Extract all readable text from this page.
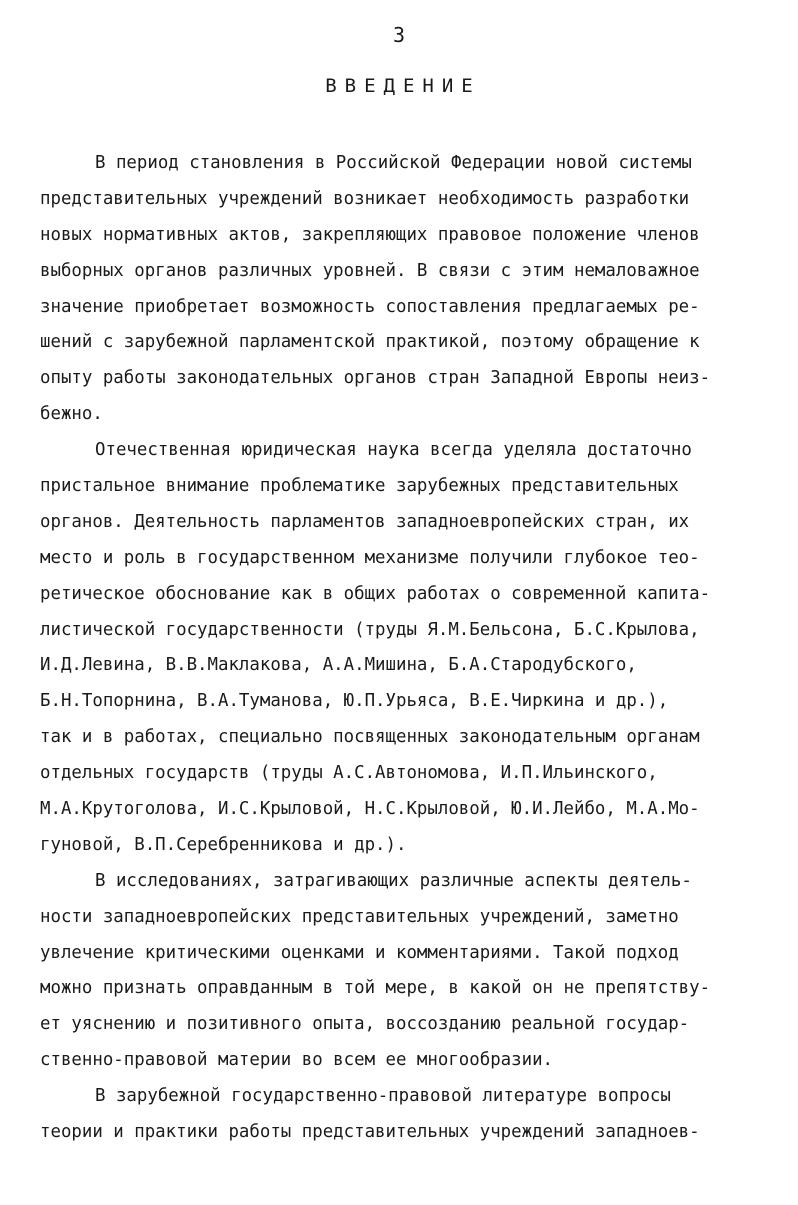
3
ВВЕДЕНИЕ
В период становления в Российской Федерации новой системы
представительных учреждений возникает необходимость разработки
новых нормативных актов, закрепляющих правовое положение членов
выборных органов различных уровней. В связи с этим немаловажное
значение приобретает возможность сопоставления предлагаемых ре-
шений с зарубежной парламентской практикой, поэтому обращение к
опыту работы законодательных органов стран Западной Европы неиз-
бежно.
Отечественная юридическая наука всегда уделяла достаточно
пристальное внимание проблематике зарубежных представительных
органов. Деятельность парламентов западноевропейских стран, их
место и роль в государственном механизме получили глубокое тео-
ретическое обоснование как в общих работах о современной капита-
листической государственности (труды Я.М.Бельсона, Б.С.Крылова,
И.Д.Левина, В.В.Маклакова, А.А.Мишина, Б.А.Стародубского,
Б.Н.Топорнина, В.А.Туманова, Ю.П.Урьяса, В.Е.Чиркина и др.),
так и в работах, специально посвященных законодательным органам
отдельных государств (труды А.С.Автономова, И.П.Ильинского,
М.А.Крутоголова, И.С.Крыловой, Н.С.Крыловой, Ю.И.Лейбо, М.А.Мо-
гуновой, В.П.Серебренникова и др.).
В исследованиях, затрагивающих различные аспекты деятель-
ности западноевропейских представительных учреждений, заметно
увлечение критическими оценками и комментариями. Такой подход
можно признать оправданным в той мере, в какой он не препятству-
ет уяснению и позитивного опыта, воссозданию реальной государ-
ственно-правовой материи во всем ее многообразии.
В зарубежной государственно-правовой литературе вопросы
теории и практики работы представительных учреждений западноев-
